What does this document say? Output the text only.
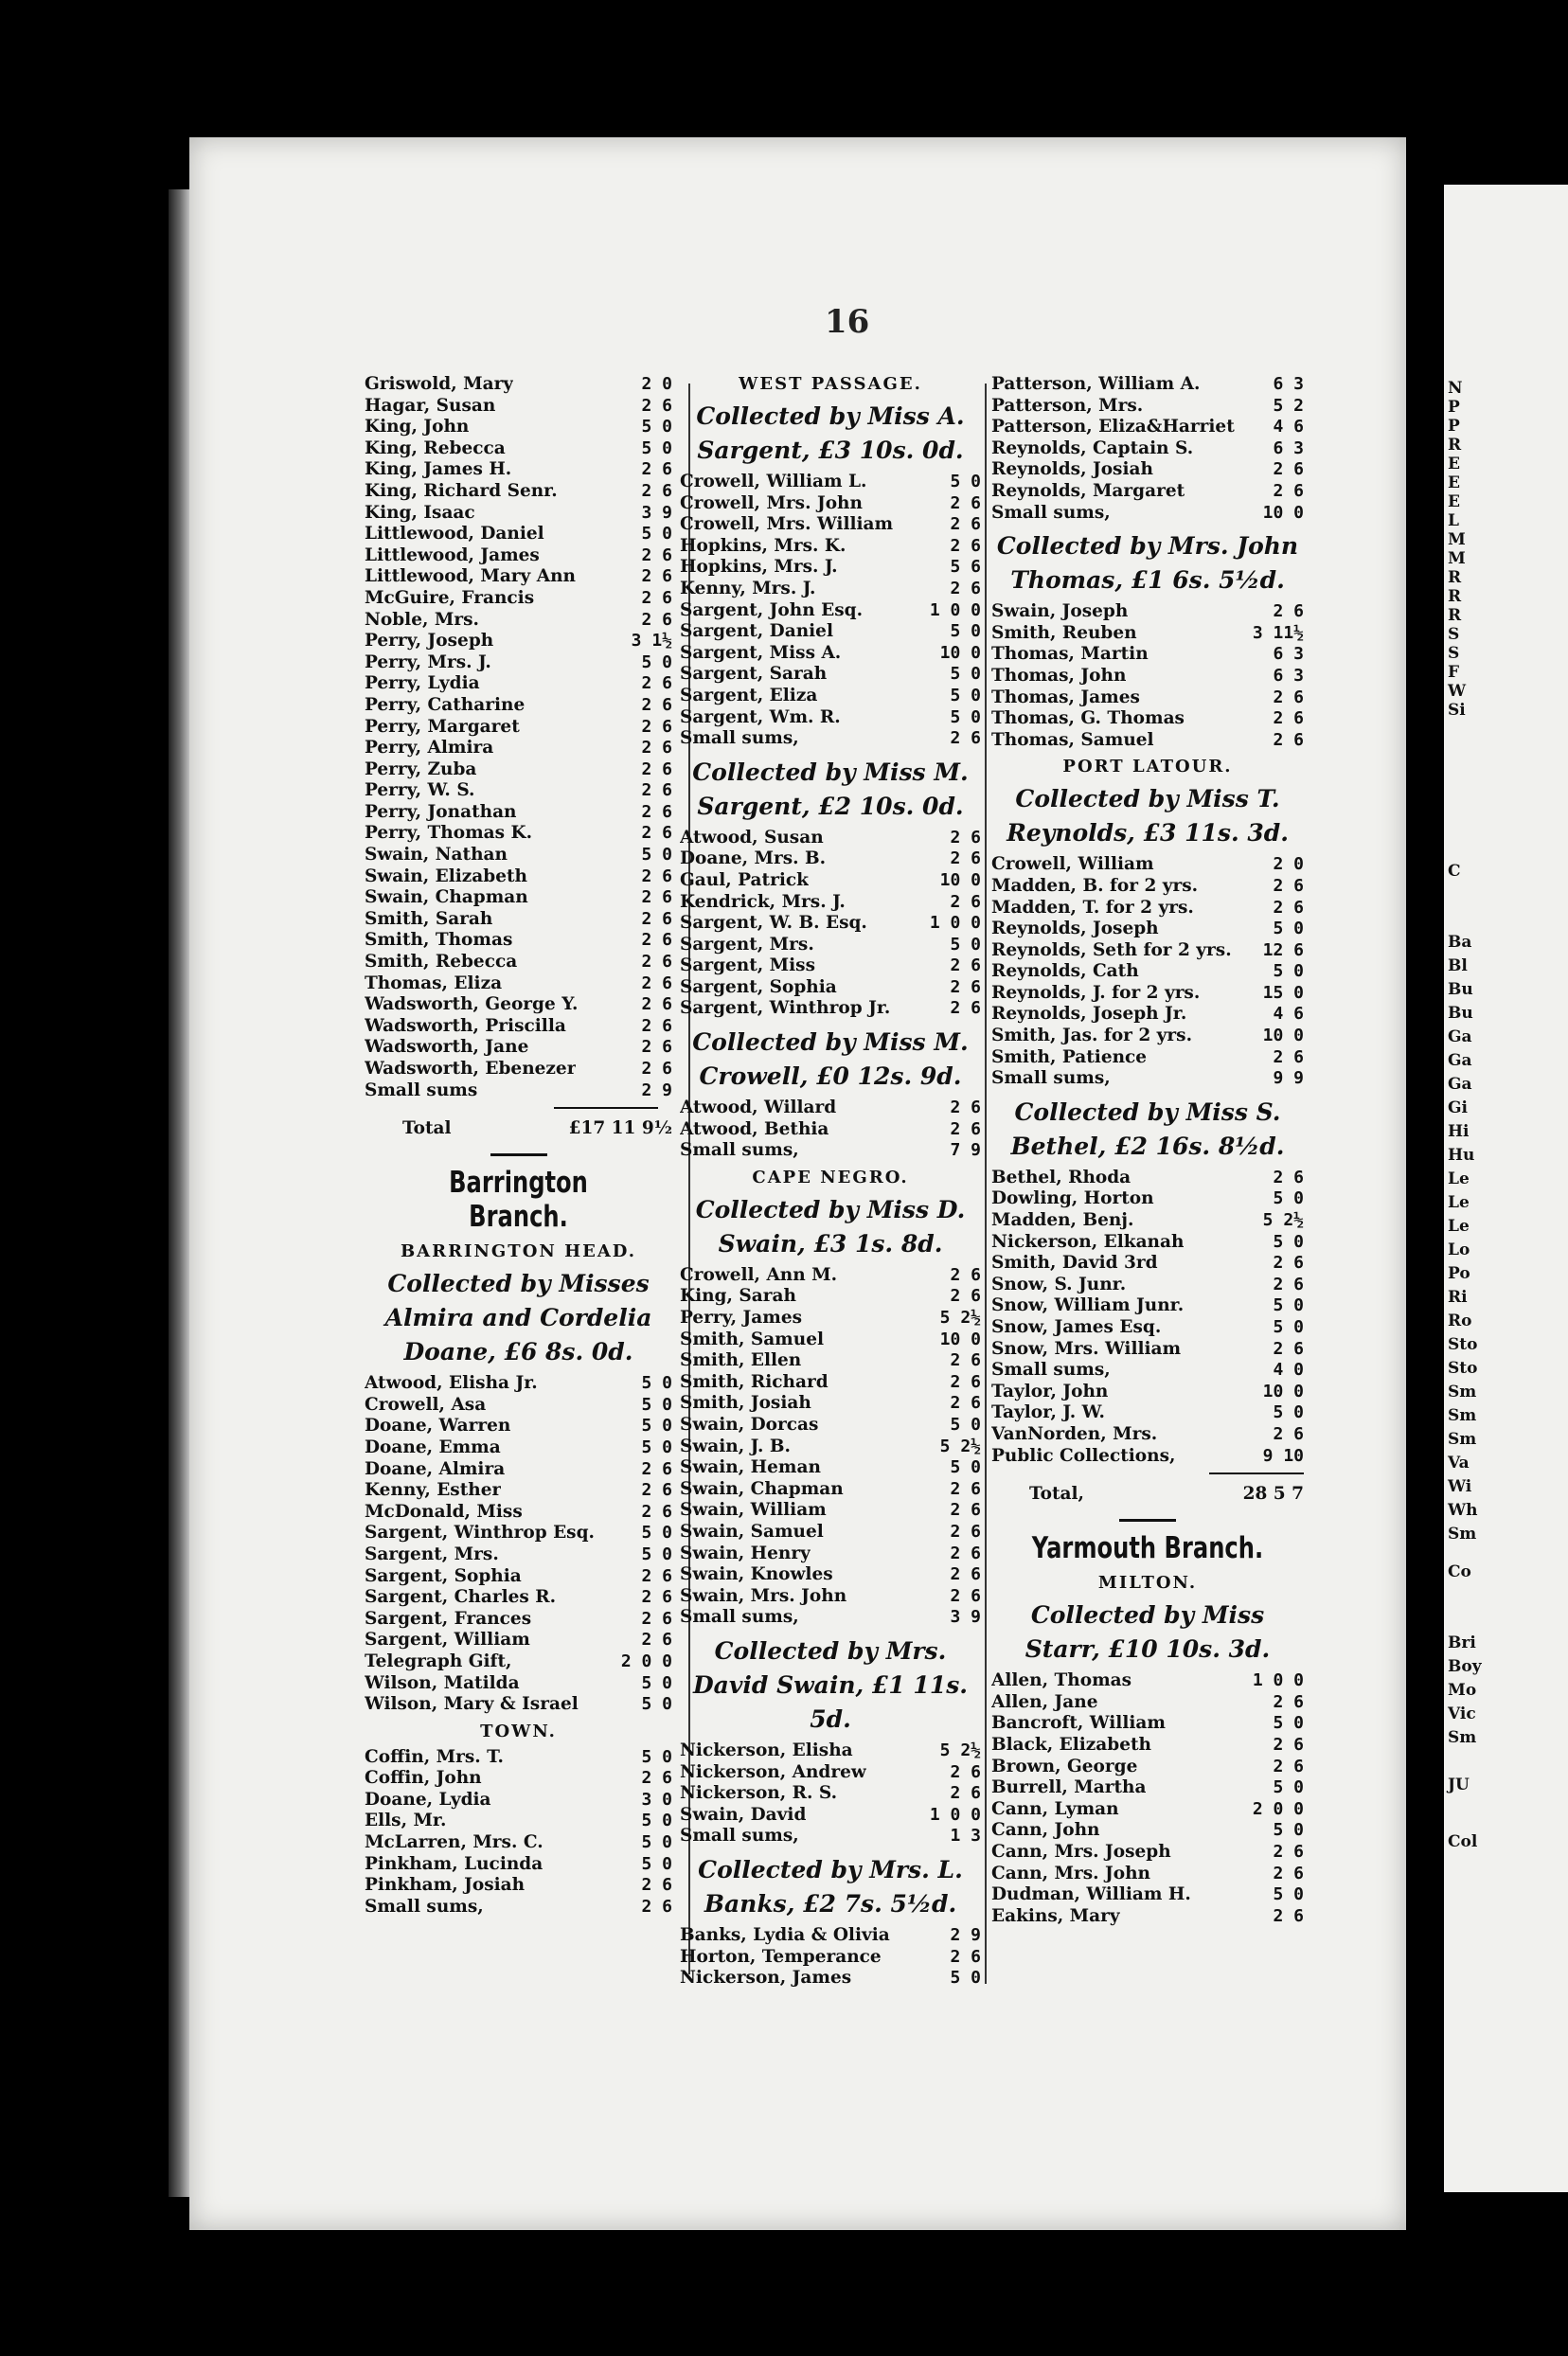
16
Griswold, Mary	2 0
Hagar, Susan	2 6
King, John	5 0
King, Rebecca	5 0
King, James H.	2 6
King, Richard Senr.	2 6
King, Isaac	3 9
Littlewood, Daniel	5 0
Littlewood, James	2 6
Littlewood, Mary Ann	2 6
McGuire, Francis	2 6
Noble, Mrs.	2 6
Perry, Joseph	3 1½
Perry, Mrs. J.	5 0
Perry, Lydia	2 6
Perry, Catharine	2 6
Perry, Margaret	2 6
Perry, Almira	2 6
Perry, Zuba	2 6
Perry, W. S.	2 6
Perry, Jonathan	2 6
Perry, Thomas K.	2 6
Swain, Nathan	5 0
Swain, Elizabeth	2 6
Swain, Chapman	2 6
Smith, Sarah	2 6
Smith, Thomas	2 6
Smith, Rebecca	2 6
Thomas, Eliza	2 6
Wadsworth, George Y.	2 6
Wadsworth, Priscilla	2 6
Wadsworth, Jane	2 6
Wadsworth, Ebenezer	2 6
Small sums	2 9
Total	£17 11 9½
Barrington Branch.
BARRINGTON HEAD.
Collected by Misses Almira and Cordelia Doane, £6 8s. 0d.
Atwood, Elisha Jr.	5 0
Crowell, Asa	5 0
Doane, Warren	5 0
Doane, Emma	5 0
Doane, Almira	2 6
Kenny, Esther	2 6
McDonald, Miss	2 6
Sargent, Winthrop Esq.	5 0
Sargent, Mrs.	5 0
Sargent, Sophia	2 6
Sargent, Charles R.	2 6
Sargent, Frances	2 6
Sargent, William	2 6
Telegraph Gift,	2 0 0
Wilson, Matilda	5 0
Wilson, Mary & Israel	5 0
TOWN.
Coffin, Mrs. T.	5 0
Coffin, John	2 6
Doane, Lydia	3 0
Ells, Mr.	5 0
McLarren, Mrs. C.	5 0
Pinkham, Lucinda	5 0
Pinkham, Josiah	2 6
Small sums,	2 6
WEST PASSAGE.
Collected by Miss A. Sargent, £3 10s. 0d.
Crowell, William L.	5 0
Crowell, Mrs. John	2 6
Crowell, Mrs. William	2 6
Hopkins, Mrs. K.	2 6
Hopkins, Mrs. J.	5 6
Kenny, Mrs. J.	2 6
Sargent, John Esq.	1 0 0
Sargent, Daniel	5 0
Sargent, Miss A.	10 0
Sargent, Sarah	5 0
Sargent, Eliza	5 0
Sargent, Wm. R.	5 0
Small sums,	2 6
Collected by Miss M. Sargent, £2 10s. 0d.
Atwood, Susan	2 6
Doane, Mrs. B.	2 6
Gaul, Patrick	10 0
Kendrick, Mrs. J.	2 6
Sargent, W. B. Esq.	1 0 0
Sargent, Mrs.	5 0
Sargent, Miss	2 6
Sargent, Sophia	2 6
Sargent, Winthrop Jr.	2 6
Collected by Miss M. Crowell, £0 12s. 9d.
Atwood, Willard	2 6
Atwood, Bethia	2 6
Small sums,	7 9
CAPE NEGRO.
Collected by Miss D. Swain, £3 1s. 8d.
Crowell, Ann M.	2 6
King, Sarah	2 6
Perry, James	5 2½
Smith, Samuel	10 0
Smith, Ellen	2 6
Smith, Richard	2 6
Smith, Josiah	2 6
Swain, Dorcas	5 0
Swain, J. B.	5 2½
Swain, Heman	5 0
Swain, Chapman	2 6
Swain, William	2 6
Swain, Samuel	2 6
Swain, Henry	2 6
Swain, Knowles	2 6
Swain, Mrs. John	2 6
Small sums,	3 9
Collected by Mrs. David Swain, £1 11s. 5d.
Nickerson, Elisha	5 2½
Nickerson, Andrew	2 6
Nickerson, R. S.	2 6
Swain, David	1 0 0
Small sums,	1 3
Collected by Mrs. L. Banks, £2 7s. 5½d.
Banks, Lydia & Olivia	2 9
Horton, Temperance	2 6
Nickerson, James	5 0
Patterson, William A.	6 3
Patterson, Mrs.	5 2
Patterson, Eliza&Harriet 4 6
Reynolds, Captain S.	6 3
Reynolds, Josiah	2 6
Reynolds, Margaret	2 6
Small sums,	10 0
Collected by Mrs. John Thomas, £1 6s. 5½d.
Swain, Joseph	2 6
Smith, Reuben	3 11½
Thomas, Martin	6 3
Thomas, John	6 3
Thomas, James	2 6
Thomas, G. Thomas	2 6
Thomas, Samuel	2 6
PORT LATOUR.
Collected by Miss T. Reynolds, £3 11s. 3d.
Crowell, William	2 0
Madden, B. for 2 yrs.	2 6
Madden, T. for 2 yrs.	2 6
Reynolds, Joseph	5 0
Reynolds, Seth for 2 yrs. 12 6
Reynolds, Cath	5 0
Reynolds, J. for 2 yrs.	15 0
Reynolds, Joseph Jr.	4 6
Smith, Jas. for 2 yrs.	10 0
Smith, Patience	2 6
Small sums,	9 9
Collected by Miss S. Bethel, £2 16s. 8½d.
Bethel, Rhoda	2 6
Dowling, Horton	5 0
Madden, Benj.	5 2½
Nickerson, Elkanah	5 0
Smith, David 3rd	2 6
Snow, S. Junr.	2 6
Snow, William Junr.	5 0
Snow, James Esq.	5 0
Snow, Mrs. William	2 6
Small sums,	4 0
Taylor, John	10 0
Taylor, J. W.	5 0
VanNorden, Mrs.	2 6
Public Collections,	9 10
Total,	28 5 7
Yarmouth Branch.
MILTON.
Collected by Miss Starr, £10 10s. 3d.
Allen, Thomas	1 0 0
Allen, Jane	2 6
Bancroft, William	5 0
Black, Elizabeth	2 6
Brown, George	2 6
Burrell, Martha	5 0
Cann, Lyman	2 0 0
Cann, John	5 0
Cann, Mrs. Joseph	2 6
Cann, Mrs. John	2 6
Dudman, William H.	5 0
Eakins, Mary	2 6
N
P
P
R
E
E
E
L
M
M
R
R
R
S
S
F
W
Si
C
Ba
Bl
Bu
Bu
Ga
Ga
Ga
Gi
Hi
Hu
Le
Le
Le
Lo
Po
Ri
Ro
Sto
Sto
Sm
Sm
Sm
Va
Wi
Wh
Sm
Co
Bri
Boy
Mo
Vic
Sm
JU
Col
